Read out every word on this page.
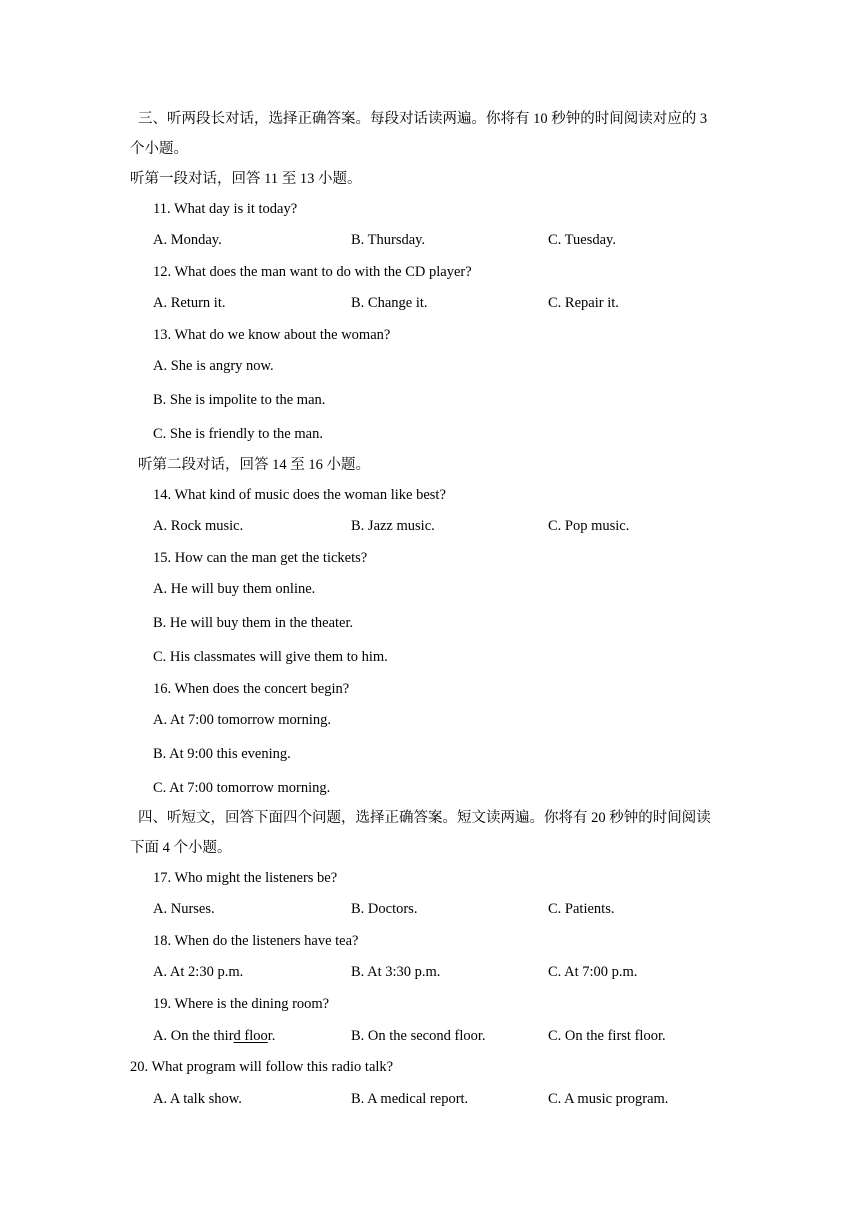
三、听两段长对话，选择正确答案。每段对话读两遍。你将有 10 秒钟的时间阅读对应的 3
个小题。
听第一段对话，回答 11 至 13 小题。
11. What day is it today?
A. Monday.	B. Thursday.	C. Tuesday.
12. What does the man want to do with the CD player?
A. Return it.	B. Change it.	C. Repair it.
13. What do we know about the woman?
A. She is angry now.
B. She is impolite to the man.
C. She is friendly to the man.
听第二段对话，回答 14 至 16 小题。
14. What kind of music does the woman like best?
A. Rock music.	B. Jazz music.	C. Pop music.
15. How can the man get the tickets?
A. He will buy them online.
B. He will buy them in the theater.
C. His classmates will give them to him.
16. When does the concert begin?
A. At 7:00 tomorrow morning.
B. At 9:00 this evening.
C. At 7:00 tomorrow morning.
四、听短文，回答下面四个问题，选择正确答案。短文读两遍。你将有 20 秒钟的时间阅读
下面 4 个小题。
17. Who might the listeners be?
A. Nurses.	B. Doctors.	C. Patients.
18. When do the listeners have tea?
A. At 2:30 p.m.	B. At 3:30 p.m.	C. At 7:00 p.m.
19. Where is the dining room?
A. On the third floor.	B. On the second floor.	C. On the first floor.
20. What program will follow this radio talk?
A. A talk show.	B. A medical report.	C. A music program.
